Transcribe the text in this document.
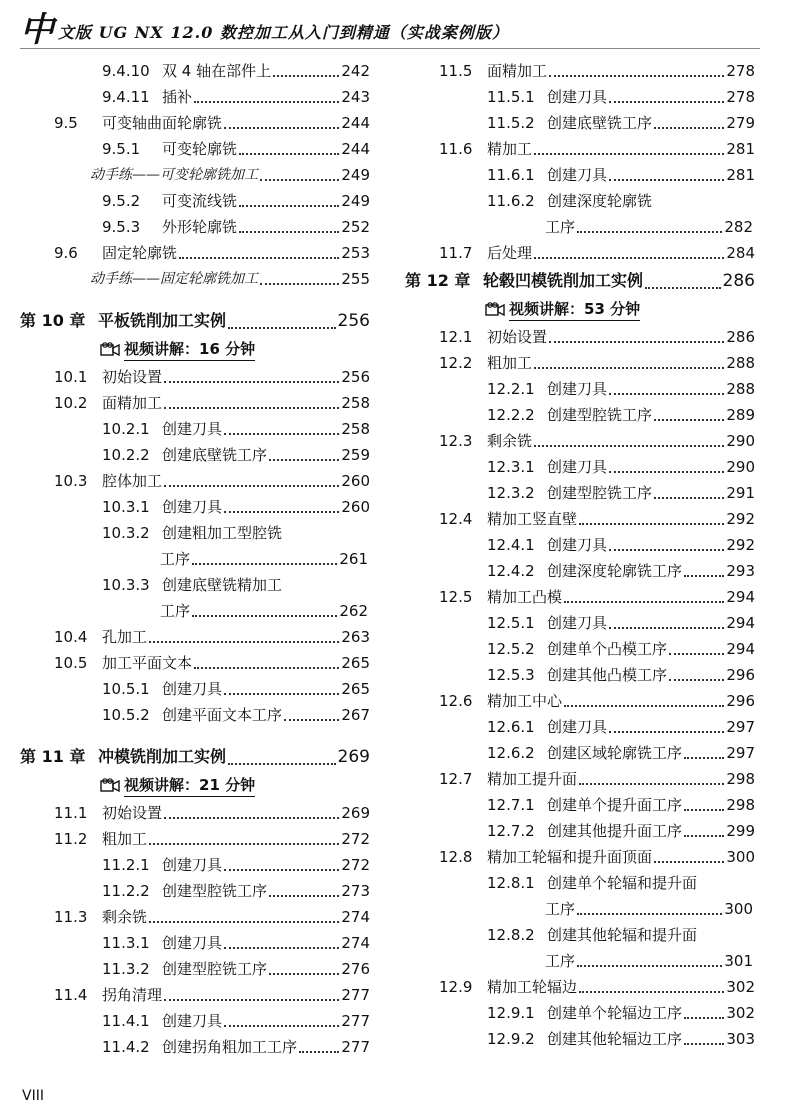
中 文版 UG NX 12.0 数控加工从入门到精通（实战案例版）
9.4.10 双 4 轴在部件上	242
9.4.11 插补	243
9.5 可变轴曲面轮廓铣	244
9.5.1 可变轮廓铣	244
动手练——可变轮廓铣加工	249
9.5.2 可变流线铣	249
9.5.3 外形轮廓铣	252
9.6 固定轮廓铣	253
动手练——固定轮廓铣加工	255
第 10 章 平板铣削加工实例	256
视频讲解：16 分钟
10.1 初始设置	256
10.2 面精加工	258
10.2.1 创建刀具	258
10.2.2 创建底壁铣工序	259
10.3 腔体加工	260
10.3.1 创建刀具	260
10.3.2 创建粗加工型腔铣
工序	261
10.3.3 创建底壁铣精加工
工序	262
10.4 孔加工	263
10.5 加工平面文本	265
10.5.1 创建刀具	265
10.5.2 创建平面文本工序	267
第 11 章 冲模铣削加工实例	269
视频讲解：21 分钟
11.1 初始设置	269
11.2 粗加工	272
11.2.1 创建刀具	272
11.2.2 创建型腔铣工序	273
11.3 剩余铣	274
11.3.1 创建刀具	274
11.3.2 创建型腔铣工序	276
11.4 拐角清理	277
11.4.1 创建刀具	277
11.4.2 创建拐角粗加工工序	277
11.5 面精加工	278
11.5.1 创建刀具	278
11.5.2 创建底壁铣工序	279
11.6 精加工	281
11.6.1 创建刀具	281
11.6.2 创建深度轮廓铣
工序	282
11.7 后处理	284
第 12 章 轮毂凹模铣削加工实例	286
视频讲解：53 分钟
12.1 初始设置	286
12.2 粗加工	288
12.2.1 创建刀具	288
12.2.2 创建型腔铣工序	289
12.3 剩余铣	290
12.3.1 创建刀具	290
12.3.2 创建型腔铣工序	291
12.4 精加工竖直壁	292
12.4.1 创建刀具	292
12.4.2 创建深度轮廓铣工序	293
12.5 精加工凸模	294
12.5.1 创建刀具	294
12.5.2 创建单个凸模工序	294
12.5.3 创建其他凸模工序	296
12.6 精加工中心	296
12.6.1 创建刀具	297
12.6.2 创建区域轮廓铣工序	297
12.7 精加工提升面	298
12.7.1 创建单个提升面工序	298
12.7.2 创建其他提升面工序	299
12.8 精加工轮辐和提升面顶面	300
12.8.1 创建单个轮辐和提升面
工序	300
12.8.2 创建其他轮辐和提升面
工序	301
12.9 精加工轮辐边	302
12.9.1 创建单个轮辐边工序	302
12.9.2 创建其他轮辐边工序	303
VIII
